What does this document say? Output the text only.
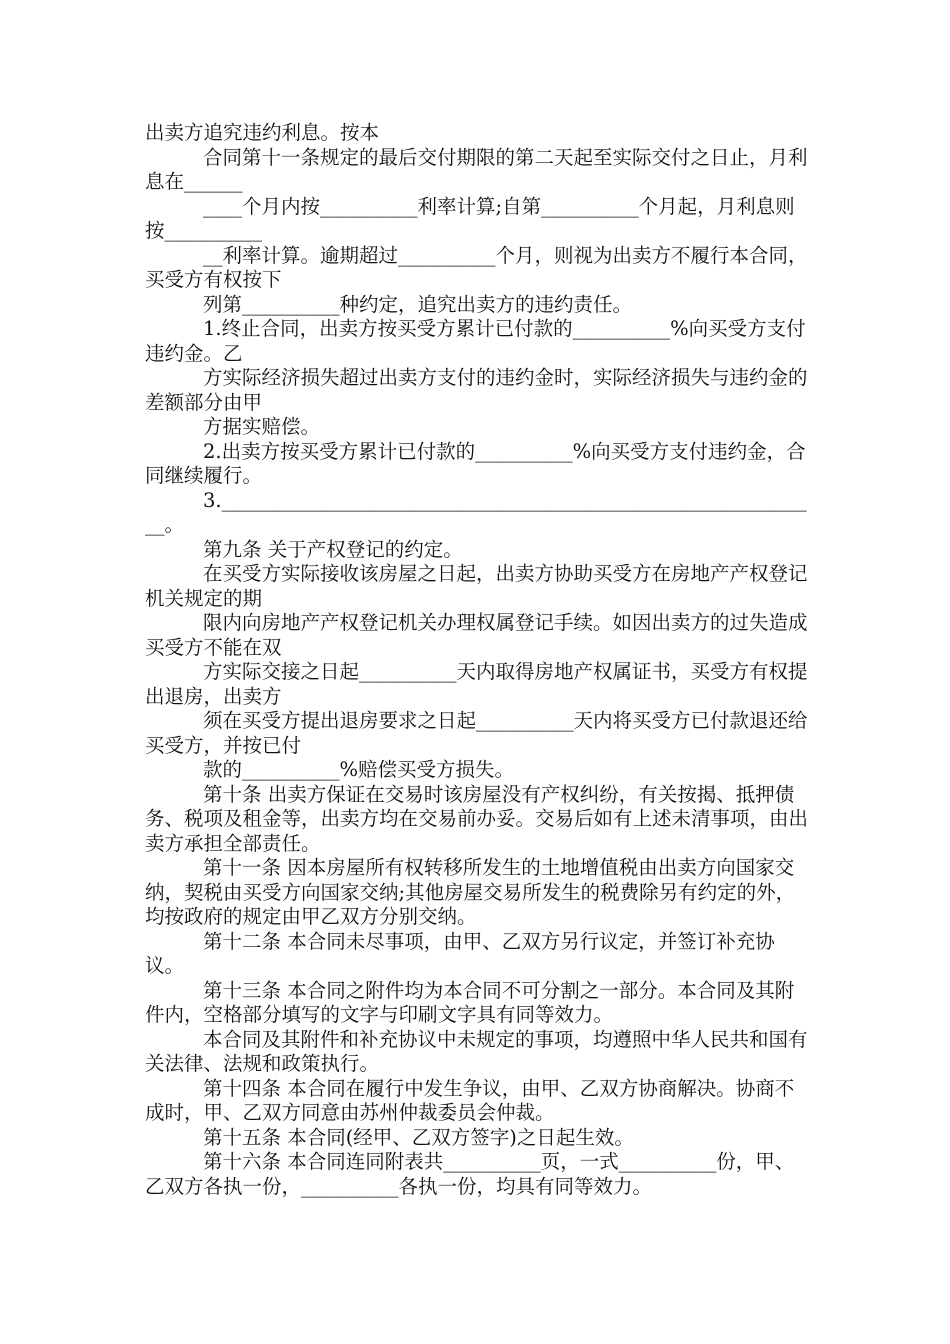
出卖方追究违约利息。按本

合同第十一条规定的最后交付期限的第二天起至实际交付之日止，月利息在______

____个月内按__________利率计算;自第__________个月起，月利息则按__________

__利率计算。逾期超过__________个月，则视为出卖方不履行本合同，买受方有权按下

列第__________种约定，追究出卖方的违约责任。

1.终止合同，出卖方按买受方累计已付款的__________%向买受方支付违约金。乙

方实际经济损失超过出卖方支付的违约金时，实际经济损失与违约金的差额部分由甲

方据实赔偿。

2.出卖方按买受方累计已付款的__________%向买受方支付违约金，合同继续履行。

3.______________________________________________________________。

第九条 关于产权登记的约定。

在买受方实际接收该房屋之日起，出卖方协助买受方在房地产产权登记机关规定的期

限内向房地产产权登记机关办理权属登记手续。如因出卖方的过失造成买受方不能在双

方实际交接之日起__________天内取得房地产权属证书，买受方有权提出退房，出卖方

须在买受方提出退房要求之日起__________天内将买受方已付款退还给买受方，并按已付

款的__________%赔偿买受方损失。

第十条 出卖方保证在交易时该房屋没有产权纠纷，有关按揭、抵押债务、税项及租金等，出卖方均在交易前办妥。交易后如有上述未清事项，由出卖方承担全部责任。

第十一条 因本房屋所有权转移所发生的土地增值税由出卖方向国家交纳，契税由买受方向国家交纳;其他房屋交易所发生的税费除另有约定的外，均按政府的规定由甲乙双方分别交纳。

第十二条 本合同未尽事项，由甲、乙双方另行议定，并签订补充协议。

第十三条 本合同之附件均为本合同不可分割之一部分。本合同及其附件内，空格部分填写的文字与印刷文字具有同等效力。

本合同及其附件和补充协议中未规定的事项，均遵照中华人民共和国有关法律、法规和政策执行。

第十四条 本合同在履行中发生争议，由甲、乙双方协商解决。协商不成时，甲、乙双方同意由苏州仲裁委员会仲裁。

第十五条 本合同(经甲、乙双方签字)之日起生效。

第十六条 本合同连同附表共__________页，一式__________份，甲、乙双方各执一份，__________各执一份，均具有同等效力。
